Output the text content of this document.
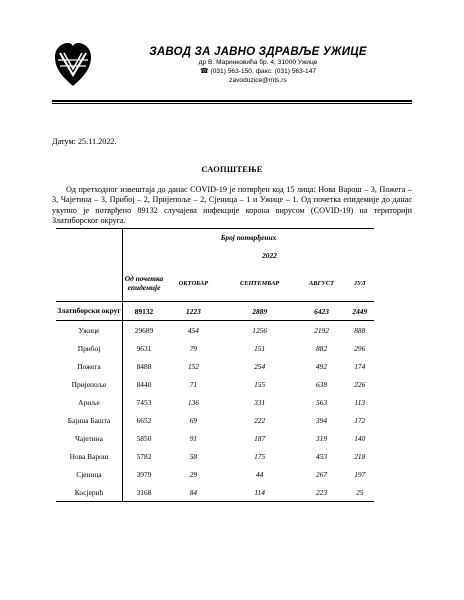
ЗАВОД ЗА ЈАВНО ЗДРАВЉЕ УЖИЦЕ
др В. Маринковића бр. 4, 31000 Ужице
☎ (031) 563-150, факс: (031) 563-147
zavoduzice@mts.rs
Датум: 25.11.2022.
САОПШТЕЊЕ
Од претходног извештаја до данас COVID-19 је потврђен код 15 лица: Нова Варош – 3, Пожега – 3, Чајетина – 3, Прибој – 2, Пријепоље – 2, Сјеница – 1 и Ужице – 1. Од почетка епидемије до данас укупно је потврђено 89132 случајева инфекције корона вирусом (COVID-19) на територији Златиборског округа.
	Број потврђених				
		2022			
	Од почетка епидемије	ОКТОБАР	СЕПТЕМБАР	АВГУСТ	ЈУЛ
Златиборски округ	89132	1223	2889	6423	2449
Ужице	29689	454	1256	2192	888
Прибој	9631	79	151	882	296
Пожега	8488	152	254	492	174
Пријепоље	8440	71	155	638	226
Ариље	7453	136	331	563	113
Бајина Башта	6652	69	222	394	172
Чајетина	5850	91	187	319	140
Нова Варош	5782	58	175	453	218
Сјеница	3979	29	44	267	197
Косјерић	3168	84	114	223	25
